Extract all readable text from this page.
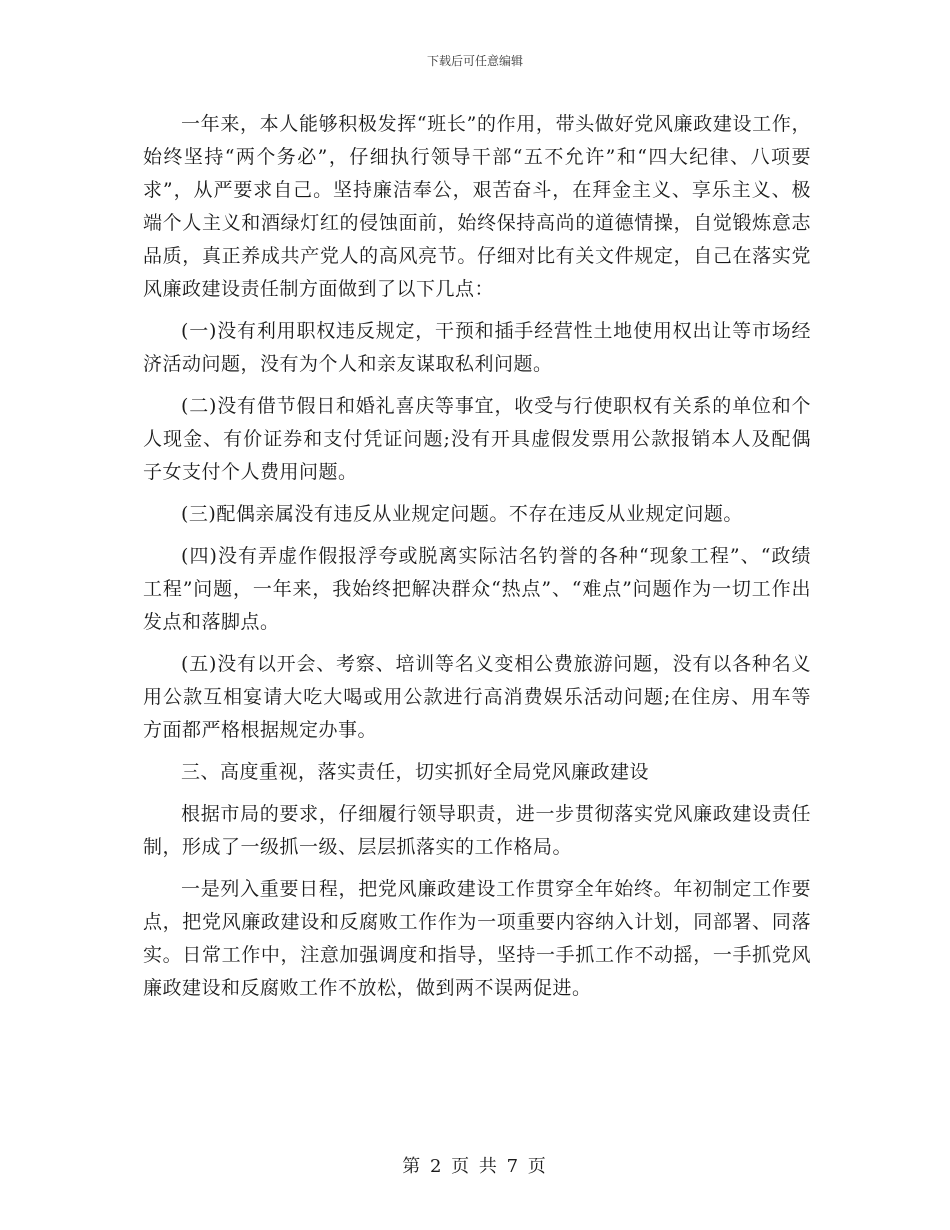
下载后可任意编辑

一年来，本人能够积极发挥“班长”的作用，带头做好党风廉政建设工作，始终坚持“两个务必”，仔细执行领导干部“五不允许”和“四大纪律、八项要求”，从严要求自己。坚持廉洁奉公，艰苦奋斗，在拜金主义、享乐主义、极端个人主义和酒绿灯红的侵蚀面前，始终保持高尚的道德情操，自觉锻炼意志品质，真正养成共产党人的高风亮节。仔细对比有关文件规定，自己在落实党风廉政建设责任制方面做到了以下几点：

(一)没有利用职权违反规定，干预和插手经营性土地使用权出让等市场经济活动问题，没有为个人和亲友谋取私利问题。

(二)没有借节假日和婚礼喜庆等事宜，收受与行使职权有关系的单位和个人现金、有价证券和支付凭证问题;没有开具虚假发票用公款报销本人及配偶子女支付个人费用问题。

(三)配偶亲属没有违反从业规定问题。不存在违反从业规定问题。

(四)没有弄虚作假报浮夸或脱离实际沽名钓誉的各种“现象工程”、“政绩工程”问题，一年来，我始终把解决群众“热点”、“难点”问题作为一切工作出发点和落脚点。

(五)没有以开会、考察、培训等名义变相公费旅游问题，没有以各种名义用公款互相宴请大吃大喝或用公款进行高消费娱乐活动问题;在住房、用车等方面都严格根据规定办事。

三、高度重视，落实责任，切实抓好全局党风廉政建设

根据市局的要求，仔细履行领导职责，进一步贯彻落实党风廉政建设责任制，形成了一级抓一级、层层抓落实的工作格局。

一是列入重要日程，把党风廉政建设工作贯穿全年始终。年初制定工作要点，把党风廉政建设和反腐败工作作为一项重要内容纳入计划，同部署、同落实。日常工作中，注意加强调度和指导，坚持一手抓工作不动摇，一手抓党风廉政建设和反腐败工作不放松，做到两不误两促进。

第 2 页 共 7 页
